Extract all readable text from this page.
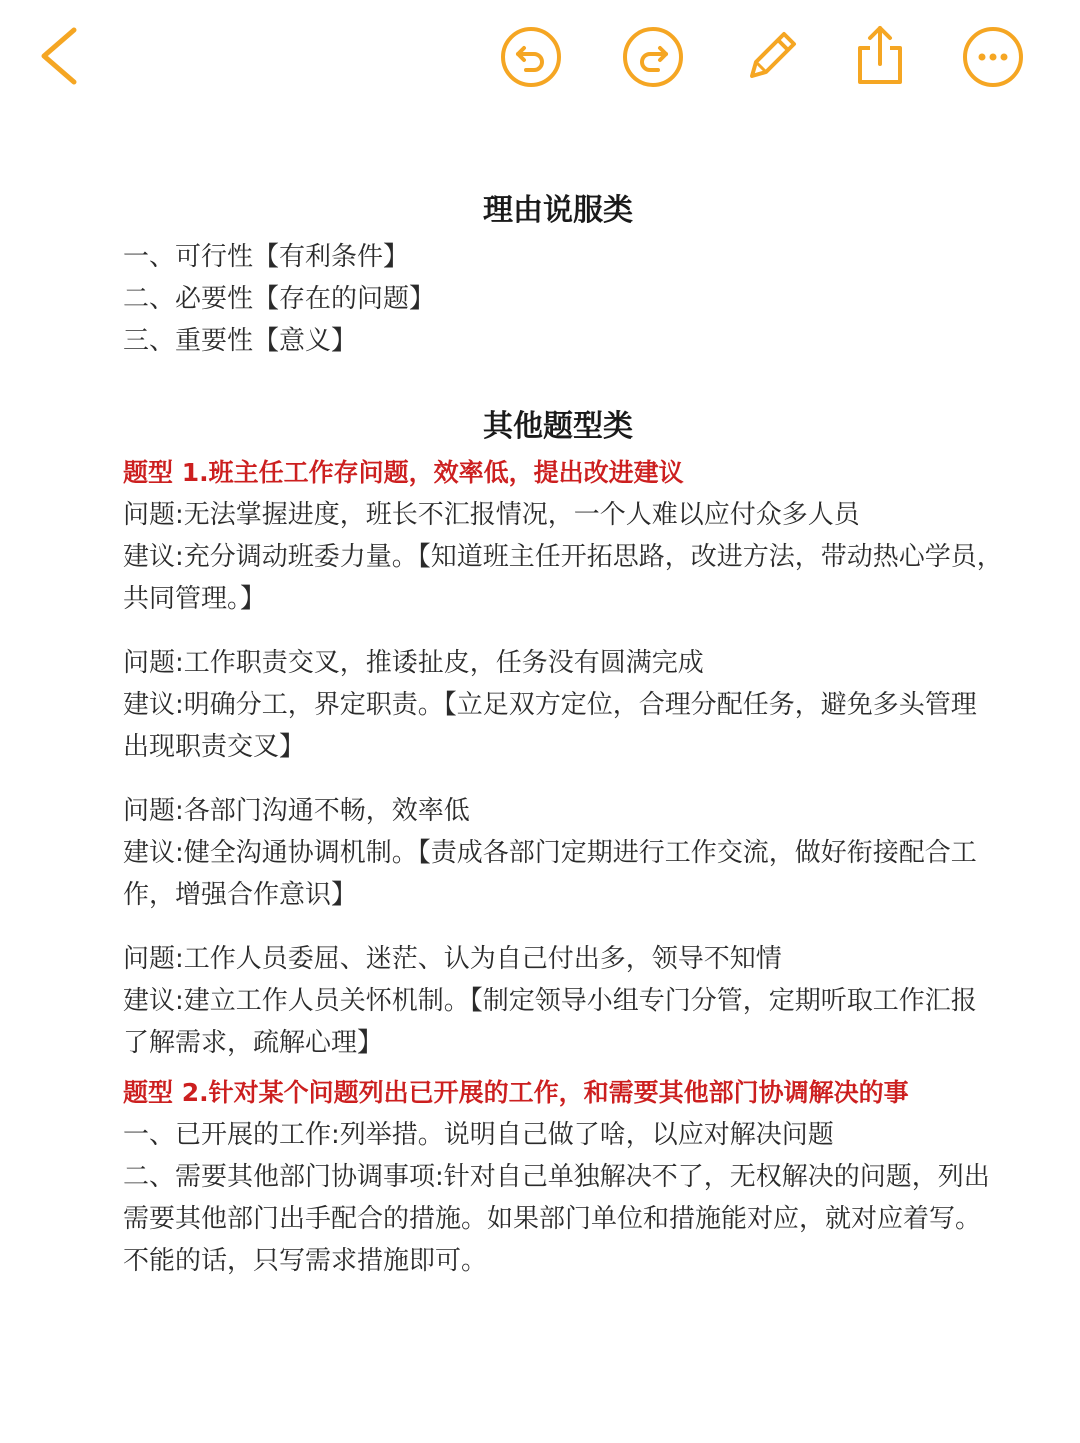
理由说服类

一、可行性【有利条件】

二、必要性【存在的问题】

三、重要性【意义】

其他题型类

题型 1.班主任工作存问题，效率低，提出改进建议

问题:无法掌握进度，班长不汇报情况，一个人难以应付众多人员

建议:充分调动班委力量。【知道班主任开拓思路，改进方法，带动热心学员，

共同管理。】

问题:工作职责交叉，推诿扯皮，任务没有圆满完成

建议:明确分工，界定职责。【立足双方定位，合理分配任务，避免多头管理

出现职责交叉】

问题:各部门沟通不畅，效率低

建议:健全沟通协调机制。【责成各部门定期进行工作交流，做好衔接配合工

作，增强合作意识】

问题:工作人员委屈、迷茫、认为自己付出多，领导不知情

建议:建立工作人员关怀机制。【制定领导小组专门分管，定期听取工作汇报

了解需求，疏解心理】

题型 2.针对某个问题列出已开展的工作，和需要其他部门协调解决的事

一、已开展的工作:列举措。说明自己做了啥，以应对解决问题

二、需要其他部门协调事项:针对自己单独解决不了，无权解决的问题，列出

需要其他部门出手配合的措施。如果部门单位和措施能对应，就对应着写。

不能的话，只写需求措施即可。
